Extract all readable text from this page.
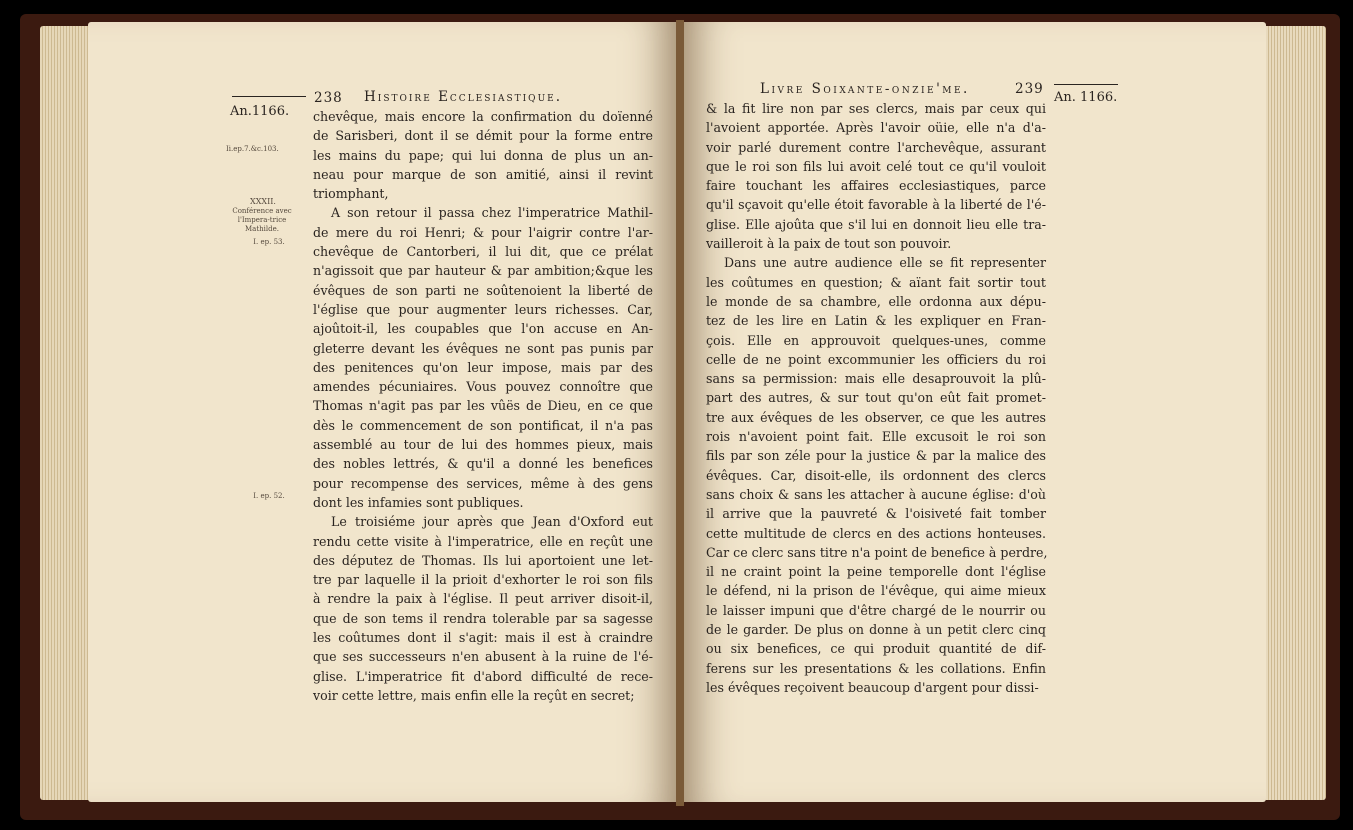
An.1166.
238 Histoire Ecclesiastique.
Ii.ep.7.&c.103.
XXXII.
Conférence avec l'Impera-trice Mathilde.
I. ep. 53.
I. ep. 52.
chevêque, mais encore la confirmation du doïenné
de Sarisberi, dont il se démit pour la forme entre
les mains du pape; qui lui donna de plus un an-
neau pour marque de son amitié, ainsi il revint
triomphant,
A son retour il passa chez l'imperatrice Mathil-
de mere du roi Henri; & pour l'aigrir contre l'ar-
chevêque de Cantorberi, il lui dit, que ce prélat
n'agissoit que par hauteur & par ambition;&que les
évêques de son parti ne soûtenoient la liberté de
l'église que pour augmenter leurs richesses. Car,
ajoûtoit-il, les coupables que l'on accuse en An-
gleterre devant les évêques ne sont pas punis par
des penitences qu'on leur impose, mais par des
amendes pécuniaires. Vous pouvez connoître que
Thomas n'agit pas par les vûës de Dieu, en ce que
dès le commencement de son pontificat, il n'a pas
assemblé au tour de lui des hommes pieux, mais
des nobles lettrés, & qu'il a donné les benefices
pour recompense des services, même à des gens
dont les infamies sont publiques.
Le troisiéme jour après que Jean d'Oxford eut
rendu cette visite à l'imperatrice, elle en reçût une
des députez de Thomas. Ils lui aportoient une let-
tre par laquelle il la prioit d'exhorter le roi son fils
à rendre la paix à l'église. Il peut arriver disoit-il,
que de son tems il rendra tolerable par sa sagesse
les coûtumes dont il s'agit: mais il est à craindre
que ses successeurs n'en abusent à la ruine de l'é-
glise. L'imperatrice fit d'abord difficulté de rece-
voir cette lettre, mais enfin elle la reçût en secret;
Livre Soixante-onzie'me.	239
An. 1166.
& la fit lire non par ses clercs, mais par ceux qui
l'avoient apportée. Après l'avoir oüie, elle n'a d'a-
voir parlé durement contre l'archevêque, assurant
que le roi son fils lui avoit celé tout ce qu'il vouloit
faire touchant les affaires ecclesiastiques, parce
qu'il sçavoit qu'elle étoit favorable à la liberté de l'é-
glise. Elle ajoûta que s'il lui en donnoit lieu elle tra-
vailleroit à la paix de tout son pouvoir.
Dans une autre audience elle se fit representer
les coûtumes en question; & aïant fait sortir tout
le monde de sa chambre, elle ordonna aux dépu-
tez de les lire en Latin & les expliquer en Fran-
çois. Elle en approuvoit quelques-unes, comme
celle de ne point excommunier les officiers du roi
sans sa permission: mais elle desaprouvoit la plû-
part des autres, & sur tout qu'on eût fait promet-
tre aux évêques de les observer, ce que les autres
rois n'avoient point fait. Elle excusoit le roi son
fils par son zéle pour la justice & par la malice des
évêques. Car, disoit-elle, ils ordonnent des clercs
sans choix & sans les attacher à aucune église: d'où
il arrive que la pauvreté & l'oisiveté fait tomber
cette multitude de clercs en des actions honteuses.
Car ce clerc sans titre n'a point de benefice à perdre,
il ne craint point la peine temporelle dont l'église
le défend, ni la prison de l'évêque, qui aime mieux
le laisser impuni que d'être chargé de le nourrir ou
de le garder. De plus on donne à un petit clerc cinq
ou six benefices, ce qui produit quantité de dif-
ferens sur les presentations & les collations. Enfin
les évêques reçoivent beaucoup d'argent pour dissi-
